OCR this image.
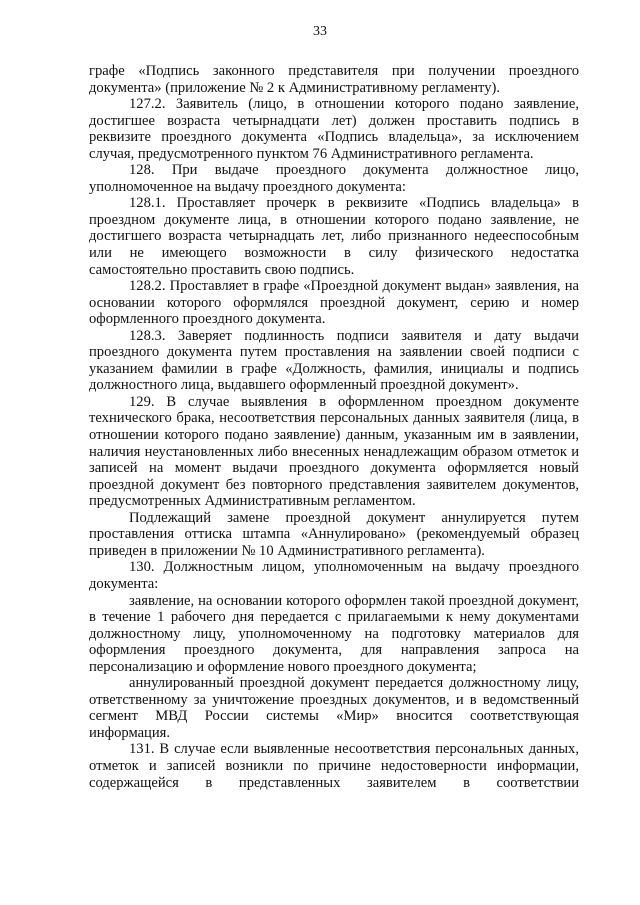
33

графе «Подпись законного представителя при получении проездного документа» (приложение № 2 к Административному регламенту).

127.2. Заявитель (лицо, в отношении которого подано заявление, достигшее возраста четырнадцати лет) должен проставить подпись в реквизите проездного документа «Подпись владельца», за исключением случая, предусмотренного пунктом 76 Административного регламента.

128. При выдаче проездного документа должностное лицо, уполномоченное на выдачу проездного документа:

128.1. Проставляет прочерк в реквизите «Подпись владельца» в проездном документе лица, в отношении которого подано заявление, не достигшего возраста четырнадцать лет, либо признанного недееспособным или не имеющего возможности в силу физического недостатка самостоятельно проставить свою подпись.

128.2. Проставляет в графе «Проездной документ выдан» заявления, на основании которого оформлялся проездной документ, серию и номер оформленного проездного документа.

128.3. Заверяет подлинность подписи заявителя и дату выдачи проездного документа путем проставления на заявлении своей подписи с указанием фамилии в графе «Должность, фамилия, инициалы и подпись должностного лица, выдавшего оформленный проездной документ».

129. В случае выявления в оформленном проездном документе технического брака, несоответствия персональных данных заявителя (лица, в отношении которого подано заявление) данным, указанным им в заявлении, наличия неустановленных либо внесенных ненадлежащим образом отметок и записей на момент выдачи проездного документа оформляется новый проездной документ без повторного представления заявителем документов, предусмотренных Административным регламентом.

Подлежащий замене проездной документ аннулируется путем проставления оттиска штампа «Аннулировано» (рекомендуемый образец приведен в приложении № 10 Административного регламента).

130. Должностным лицом, уполномоченным на выдачу проездного документа:

заявление, на основании которого оформлен такой проездной документ, в течение 1 рабочего дня передается с прилагаемыми к нему документами должностному лицу, уполномоченному на подготовку материалов для оформления проездного документа, для направления запроса на персонализацию и оформление нового проездного документа;

аннулированный проездной документ передается должностному лицу, ответственному за уничтожение проездных документов, и в ведомственный сегмент МВД России системы «Мир» вносится соответствующая информация.

131. В случае если выявленные несоответствия персональных данных, отметок и записей возникли по причине недостоверности информации, содержащейся в представленных заявителем в соответствии
